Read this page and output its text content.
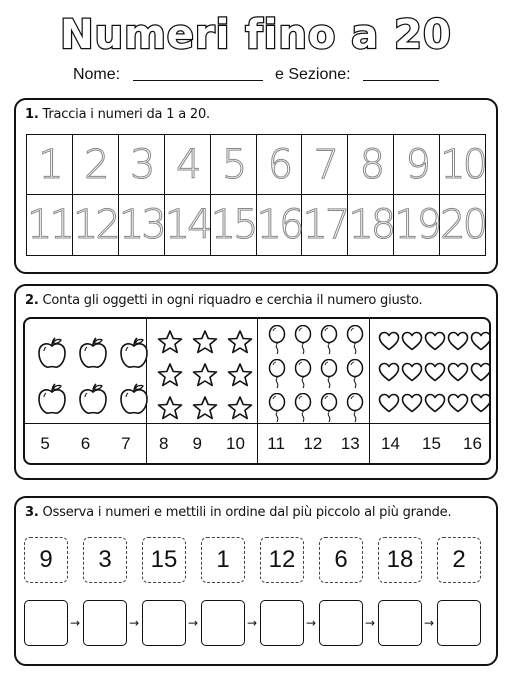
Numeri fino a 20
Nome:	e Sezione:
1. Traccia i numeri da 1 a 20.
1 2 3 4 5 6 7 8 9 10
11 12 13 14 15 16 17 18 19 20
2. Conta gli oggetti in ogni riquadro e cerchia il numero giusto.
5 6 7 8 9 10 11 12 13 14 15 16
3. Osserva i numeri e mettili in ordine dal più piccolo al più grande.
9	3	15	1	12	6	18	2
→	→	→	→	→	→	→
